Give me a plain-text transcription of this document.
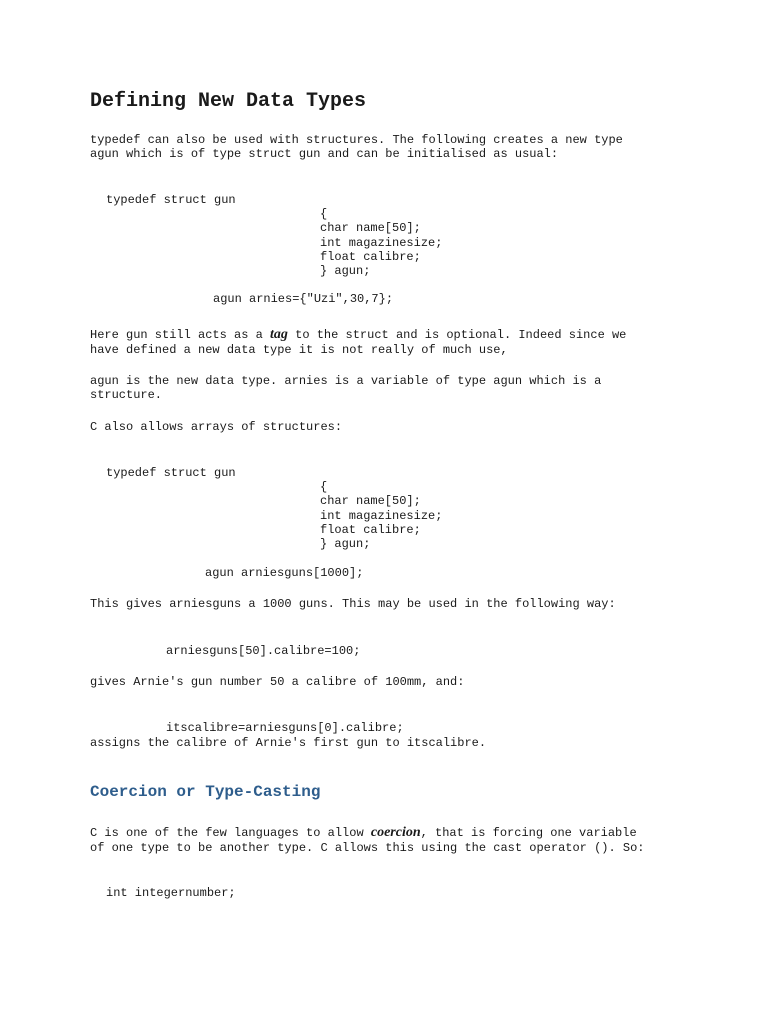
Defining New Data Types

typedef can also be used with structures. The following creates a new type

agun which is of type struct gun and can be initialised as usual:

typedef struct gun

{

char name[50];

int magazinesize;

float calibre;

} agun;

agun arnies={"Uzi",30,7};

Here gun still acts as a tag to the struct and is optional. Indeed since we

have defined a new data type it is not really of much use,

agun is the new data type. arnies is a variable of type agun which is a

structure.

C also allows arrays of structures:

typedef struct gun

{

char name[50];

int magazinesize;

float calibre;

} agun;

agun arniesguns[1000];

This gives arniesguns a 1000 guns. This may be used in the following way:

arniesguns[50].calibre=100;

gives Arnie's gun number 50 a calibre of 100mm, and:

itscalibre=arniesguns[0].calibre;

assigns the calibre of Arnie's first gun to itscalibre.

Coercion or Type-Casting

C is one of the few languages to allow coercion, that is forcing one variable

of one type to be another type. C allows this using the cast operator (). So:

int integernumber;
